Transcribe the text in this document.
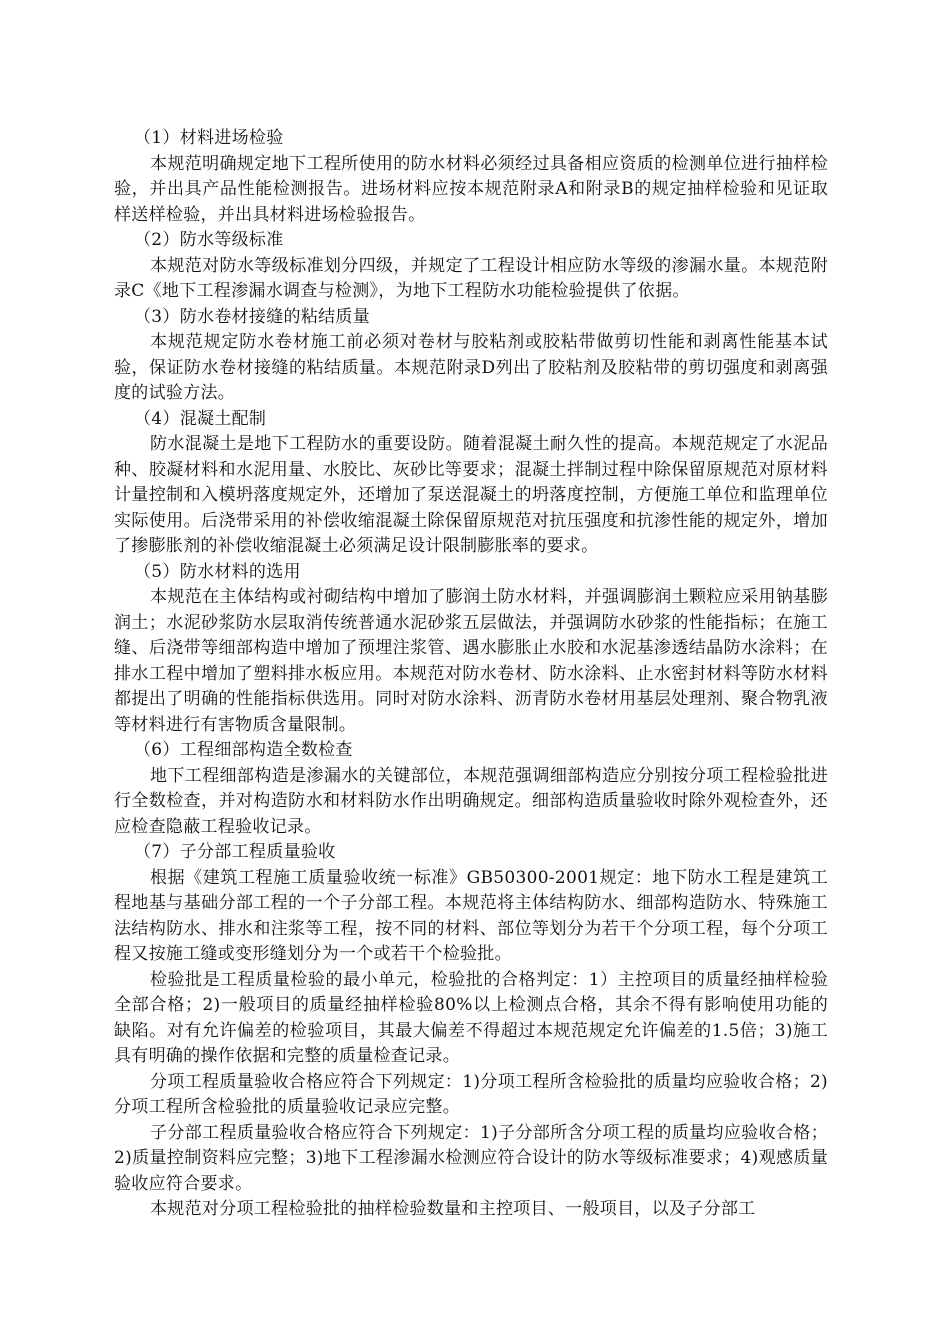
（1）材料进场检验

本规范明确规定地下工程所使用的防水材料必须经过具备相应资质的检测单位进行抽样检验，并出具产品性能检测报告。进场材料应按本规范附录A和附录B的规定抽样检验和见证取样送样检验，并出具材料进场检验报告。

（2）防水等级标准

本规范对防水等级标准划分四级，并规定了工程设计相应防水等级的渗漏水量。本规范附录C《地下工程渗漏水调查与检测》，为地下工程防水功能检验提供了依据。

（3）防水卷材接缝的粘结质量

本规范规定防水卷材施工前必须对卷材与胶粘剂或胶粘带做剪切性能和剥离性能基本试验，保证防水卷材接缝的粘结质量。本规范附录D列出了胶粘剂及胶粘带的剪切强度和剥离强度的试验方法。

（4）混凝土配制

防水混凝土是地下工程防水的重要设防。随着混凝土耐久性的提高。本规范规定了水泥品种、胶凝材料和水泥用量、水胶比、灰砂比等要求；混凝土拌制过程中除保留原规范对原材料计量控制和入模坍落度规定外，还增加了泵送混凝土的坍落度控制，方便施工单位和监理单位实际使用。后浇带采用的补偿收缩混凝土除保留原规范对抗压强度和抗渗性能的规定外，增加了掺膨胀剂的补偿收缩混凝土必须满足设计限制膨胀率的要求。

（5）防水材料的选用

本规范在主体结构或衬砌结构中增加了膨润土防水材料，并强调膨润土颗粒应采用钠基膨润土；水泥砂浆防水层取消传统普通水泥砂浆五层做法，并强调防水砂浆的性能指标；在施工缝、后浇带等细部构造中增加了预埋注浆管、遇水膨胀止水胶和水泥基渗透结晶防水涂料；在排水工程中增加了塑料排水板应用。本规范对防水卷材、防水涂料、止水密封材料等防水材料都提出了明确的性能指标供选用。同时对防水涂料、沥青防水卷材用基层处理剂、聚合物乳液等材料进行有害物质含量限制。

（6）工程细部构造全数检查

地下工程细部构造是渗漏水的关键部位，本规范强调细部构造应分别按分项工程检验批进行全数检查，并对构造防水和材料防水作出明确规定。细部构造质量验收时除外观检查外，还应检查隐蔽工程验收记录。

（7）子分部工程质量验收

根据《建筑工程施工质量验收统一标准》GB50300-2001规定：地下防水工程是建筑工程地基与基础分部工程的一个子分部工程。本规范将主体结构防水、细部构造防水、特殊施工法结构防水、排水和注浆等工程，按不同的材料、部位等划分为若干个分项工程，每个分项工程又按施工缝或变形缝划分为一个或若干个检验批。

检验批是工程质量检验的最小单元，检验批的合格判定：1）主控项目的质量经抽样检验全部合格；2)一般项目的质量经抽样检验80%以上检测点合格，其余不得有影响使用功能的缺陷。对有允许偏差的检验项目，其最大偏差不得超过本规范规定允许偏差的1.5倍；3)施工具有明确的操作依据和完整的质量检查记录。

分项工程质量验收合格应符合下列规定：1)分项工程所含检验批的质量均应验收合格；2)分项工程所含检验批的质量验收记录应完整。

子分部工程质量验收合格应符合下列规定：1)子分部所含分项工程的质量均应验收合格；2)质量控制资料应完整；3)地下工程渗漏水检测应符合设计的防水等级标准要求；4)观感质量验收应符合要求。

本规范对分项工程检验批的抽样检验数量和主控项目、一般项目，以及子分部工
